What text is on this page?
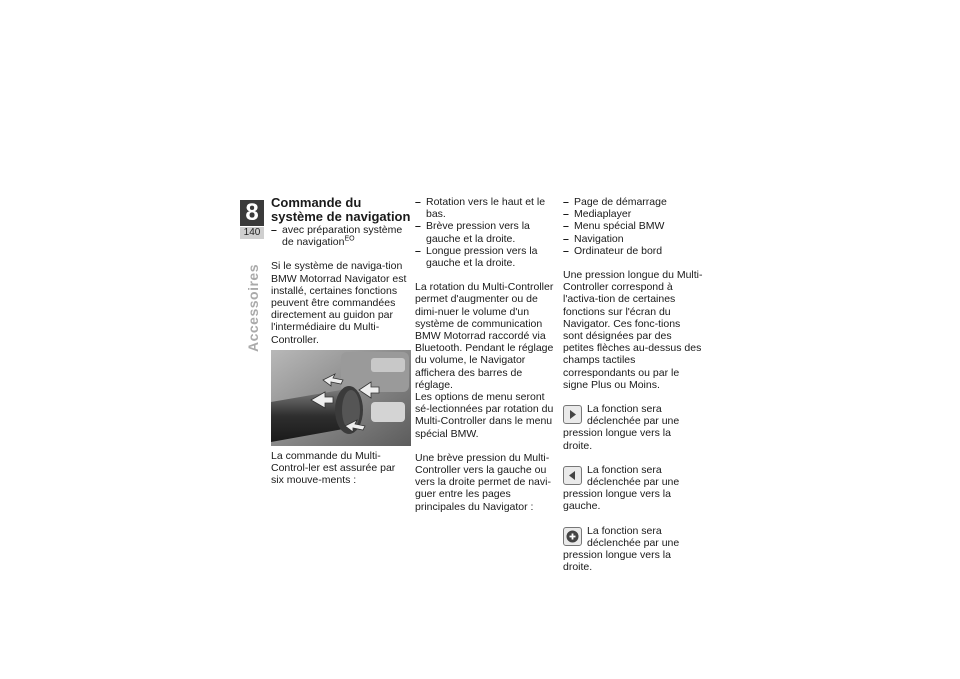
8
140
Accessoires
Commande du système de navigation
– avec préparation système de navigation$^{EO}$

Si le système de naviga-tion BMW Motorrad Navigator est installé, certaines fonctions peuvent être commandées directement au guidon par l'intermédiaire du Multi-Controller.

La commande du Multi-Control-ler est assurée par six mouve-ments :

– Rotation vers le haut et le bas.
– Brève pression vers la gauche et la droite.
– Longue pression vers la gauche et la droite.

La rotation du Multi-Controller permet d'augmenter ou de dimi-nuer le volume d'un système de communication BMW Motorrad raccordé via Bluetooth. Pendant le réglage du volume, le Navigator affichera des barres de réglage.

Les options de menu seront sé-lectionnées par rotation du Multi-Controller dans le menu spécial BMW.

Une brève pression du Multi-Controller vers la gauche ou vers la droite permet de navi-guer entre les pages principales du Navigator :

– Page de démarrage
– Mediaplayer
– Menu spécial BMW
– Navigation
– Ordinateur de bord

Une pression longue du Multi-Controller correspond à l'activa-tion de certaines fonctions sur l'écran du Navigator. Ces fonc-tions sont désignées par des petites flèches au-dessus des champs tactiles correspondants ou par le signe Plus ou Moins.

La fonction sera déclenchée par une pression longue vers la droite.
La fonction sera déclenchée par une pression longue vers la gauche.
La fonction sera déclenchée par une pression longue vers la droite.
